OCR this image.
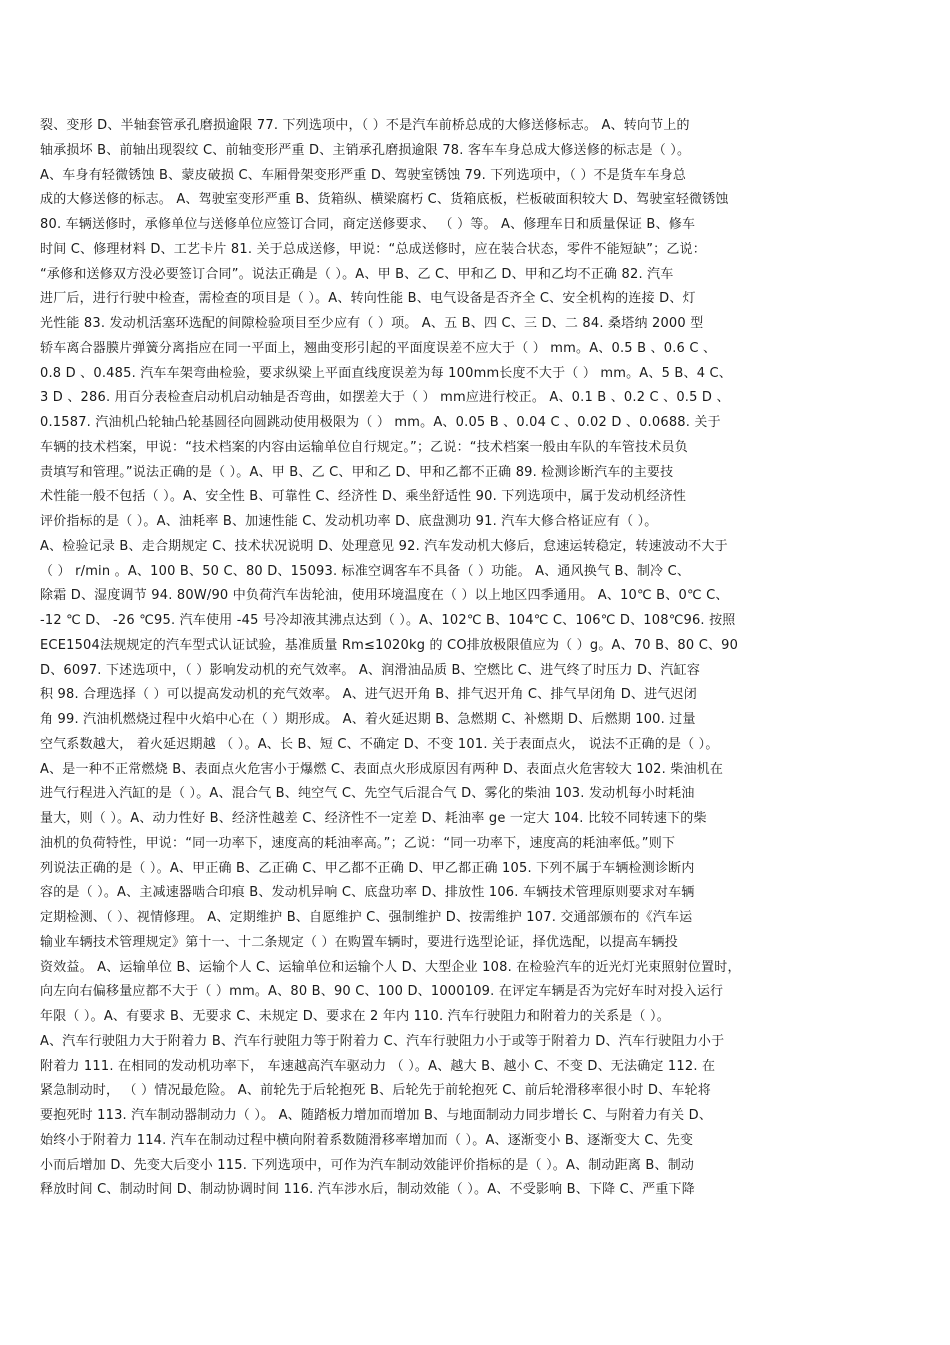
裂、变形 D、半轴套管承孔磨损逾限 77. 下列选项中，（ ）不是汽车前桥总成的大修送修标志。 A、转向节上的
轴承损坏 B、前轴出现裂纹 C、前轴变形严重 D、主销承孔磨损逾限 78. 客车车身总成大修送修的标志是（ ）。
A、车身有轻微锈蚀 B、蒙皮破损 C、车厢骨架变形严重 D、驾驶室锈蚀 79. 下列选项中，（ ）不是货车车身总
成的大修送修的标志。 A、驾驶室变形严重 B、货箱纵、横梁腐朽 C、货箱底板，栏板破面积较大 D、驾驶室轻微锈蚀
80. 车辆送修时，承修单位与送修单位应签订合同，商定送修要求、 （ ）等。 A、修理车日和质量保证 B、修车
时间 C、修理材料 D、工艺卡片 81. 关于总成送修，甲说：“总成送修时，应在装合状态，零件不能短缺”；乙说：
“承修和送修双方没必要签订合同”。说法正确是（ ）。A、甲 B、乙 C、甲和乙 D、甲和乙均不正确 82. 汽车
进厂后，进行行驶中检查，需检查的项目是（ ）。A、转向性能 B、电气设备是否齐全 C、安全机构的连接 D、灯
光性能 83. 发动机活塞环选配的间隙检验项目至少应有（ ）项。 A、五 B、四 C、三 D、二 84. 桑塔纳 2000 型
轿车离合器膜片弹簧分离指应在同一平面上，翘曲变形引起的平面度误差不应大于（ ） mm。A、0.5 B 、0.6 C 、
0.8 D 、0.485. 汽车车架弯曲检验，要求纵梁上平面直线度误差为每 100mm长度不大于（ ） mm。A、5 B、4 C、
3 D 、286. 用百分表检查启动机启动轴是否弯曲，如摆差大于（ ） mm应进行校正。 A、0.1 B 、0.2 C 、0.5 D 、
0.1587. 汽油机凸轮轴凸轮基圆径向圆跳动使用极限为（ ） mm。A、0.05 B 、0.04 C 、0.02 D 、0.0688. 关于
车辆的技术档案，甲说：“技术档案的内容由运输单位自行规定。”；乙说：“技术档案一般由车队的车管技术员负
责填写和管理。”说法正确的是（ ）。A、甲 B、乙 C、甲和乙 D、甲和乙都不正确 89. 检测诊断汽车的主要技
术性能一般不包括（ ）。A、安全性 B、可靠性 C、经济性 D、乘坐舒适性 90. 下列选项中，属于发动机经济性
评价指标的是（ ）。A、油耗率 B、加速性能 C、发动机功率 D、底盘测功 91. 汽车大修合格证应有（ ）。
A、检验记录 B、走合期规定 C、技术状况说明 D、处理意见 92. 汽车发动机大修后，怠速运转稳定，转速波动不大于
（ ） r/min 。A、100 B、50 C、80 D、15093. 标准空调客车不具备（ ）功能。 A、通风换气 B、制冷 C、
除霜 D、湿度调节 94. 80W/90 中负荷汽车齿轮油，使用环境温度在（ ）以上地区四季通用。 A、10℃ B、0℃ C、
-12 ℃ D、 -26 ℃95. 汽车使用 -45 号冷却液其沸点达到（ ）。A、102℃ B、104℃ C、106℃ D、108℃96. 按照
ECE1504法规规定的汽车型式认证试验，基准质量 Rm≤1020kg 的 CO排放极限值应为（ ）g。A、70 B、80 C、90
D、6097. 下述选项中，（ ）影响发动机的充气效率。 A、润滑油品质 B、空燃比 C、进气终了时压力 D、汽缸容
积 98. 合理选择（ ）可以提高发动机的充气效率。 A、进气迟开角 B、排气迟开角 C、排气早闭角 D、进气迟闭
角 99. 汽油机燃烧过程中火焰中心在（ ）期形成。 A、着火延迟期 B、急燃期 C、补燃期 D、后燃期 100. 过量
空气系数越大， 着火延迟期越 （ ）。A、长 B、短 C、不确定 D、不变 101. 关于表面点火， 说法不正确的是（ ）。
A、是一种不正常燃烧 B、表面点火危害小于爆燃 C、表面点火形成原因有两种 D、表面点火危害较大 102. 柴油机在
进气行程进入汽缸的是（ ）。A、混合气 B、纯空气 C、先空气后混合气 D、雾化的柴油 103. 发动机每小时耗油
量大，则（ ）。A、动力性好 B、经济性越差 C、经济性不一定差 D、耗油率 ge 一定大 104. 比较不同转速下的柴
油机的负荷特性，甲说：“同一功率下，速度高的耗油率高。”；乙说：“同一功率下，速度高的耗油率低。”则下
列说法正确的是（ ）。A、甲正确 B、乙正确 C、甲乙都不正确 D、甲乙都正确 105. 下列不属于车辆检测诊断内
容的是（ ）。A、主减速器啮合印痕 B、发动机异响 C、底盘功率 D、排放性 106. 车辆技术管理原则要求对车辆
定期检测、（ ）、视情修理。 A、定期维护 B、自愿维护 C、强制维护 D、按需维护 107. 交通部颁布的《汽车运
输业车辆技术管理规定》第十一、十二条规定（ ）在购置车辆时，要进行选型论证，择优选配，以提高车辆投
资效益。 A、运输单位 B、运输个人 C、运输单位和运输个人 D、大型企业 108. 在检验汽车的近光灯光束照射位置时，
向左向右偏移量应都不大于（ ）mm。A、80 B、90 C、100 D、1000109. 在评定车辆是否为完好车时对投入运行
年限（ ）。A、有要求 B、无要求 C、未规定 D、要求在 2 年内 110. 汽车行驶阻力和附着力的关系是（ ）。
A、汽车行驶阻力大于附着力 B、汽车行驶阻力等于附着力 C、汽车行驶阻力小于或等于附着力 D、汽车行驶阻力小于
附着力 111. 在相同的发动机功率下， 车速越高汽车驱动力 （ ）。A、越大 B、越小 C、不变 D、无法确定 112. 在
紧急制动时， （ ）情况最危险。 A、前轮先于后轮抱死 B、后轮先于前轮抱死 C、前后轮滑移率很小时 D、车轮将
要抱死时 113. 汽车制动器制动力（ ）。 A、随踏板力增加而增加 B、与地面制动力同步增长 C、与附着力有关 D、
始终小于附着力 114. 汽车在制动过程中横向附着系数随滑移率增加而（ ）。A、逐渐变小 B、逐渐变大 C、先变
小而后增加 D、先变大后变小 115. 下列选项中，可作为汽车制动效能评价指标的是（ ）。A、制动距离 B、制动
释放时间 C、制动时间 D、制动协调时间 116. 汽车涉水后，制动效能（ ）。A、不受影响 B、下降 C、严重下降
